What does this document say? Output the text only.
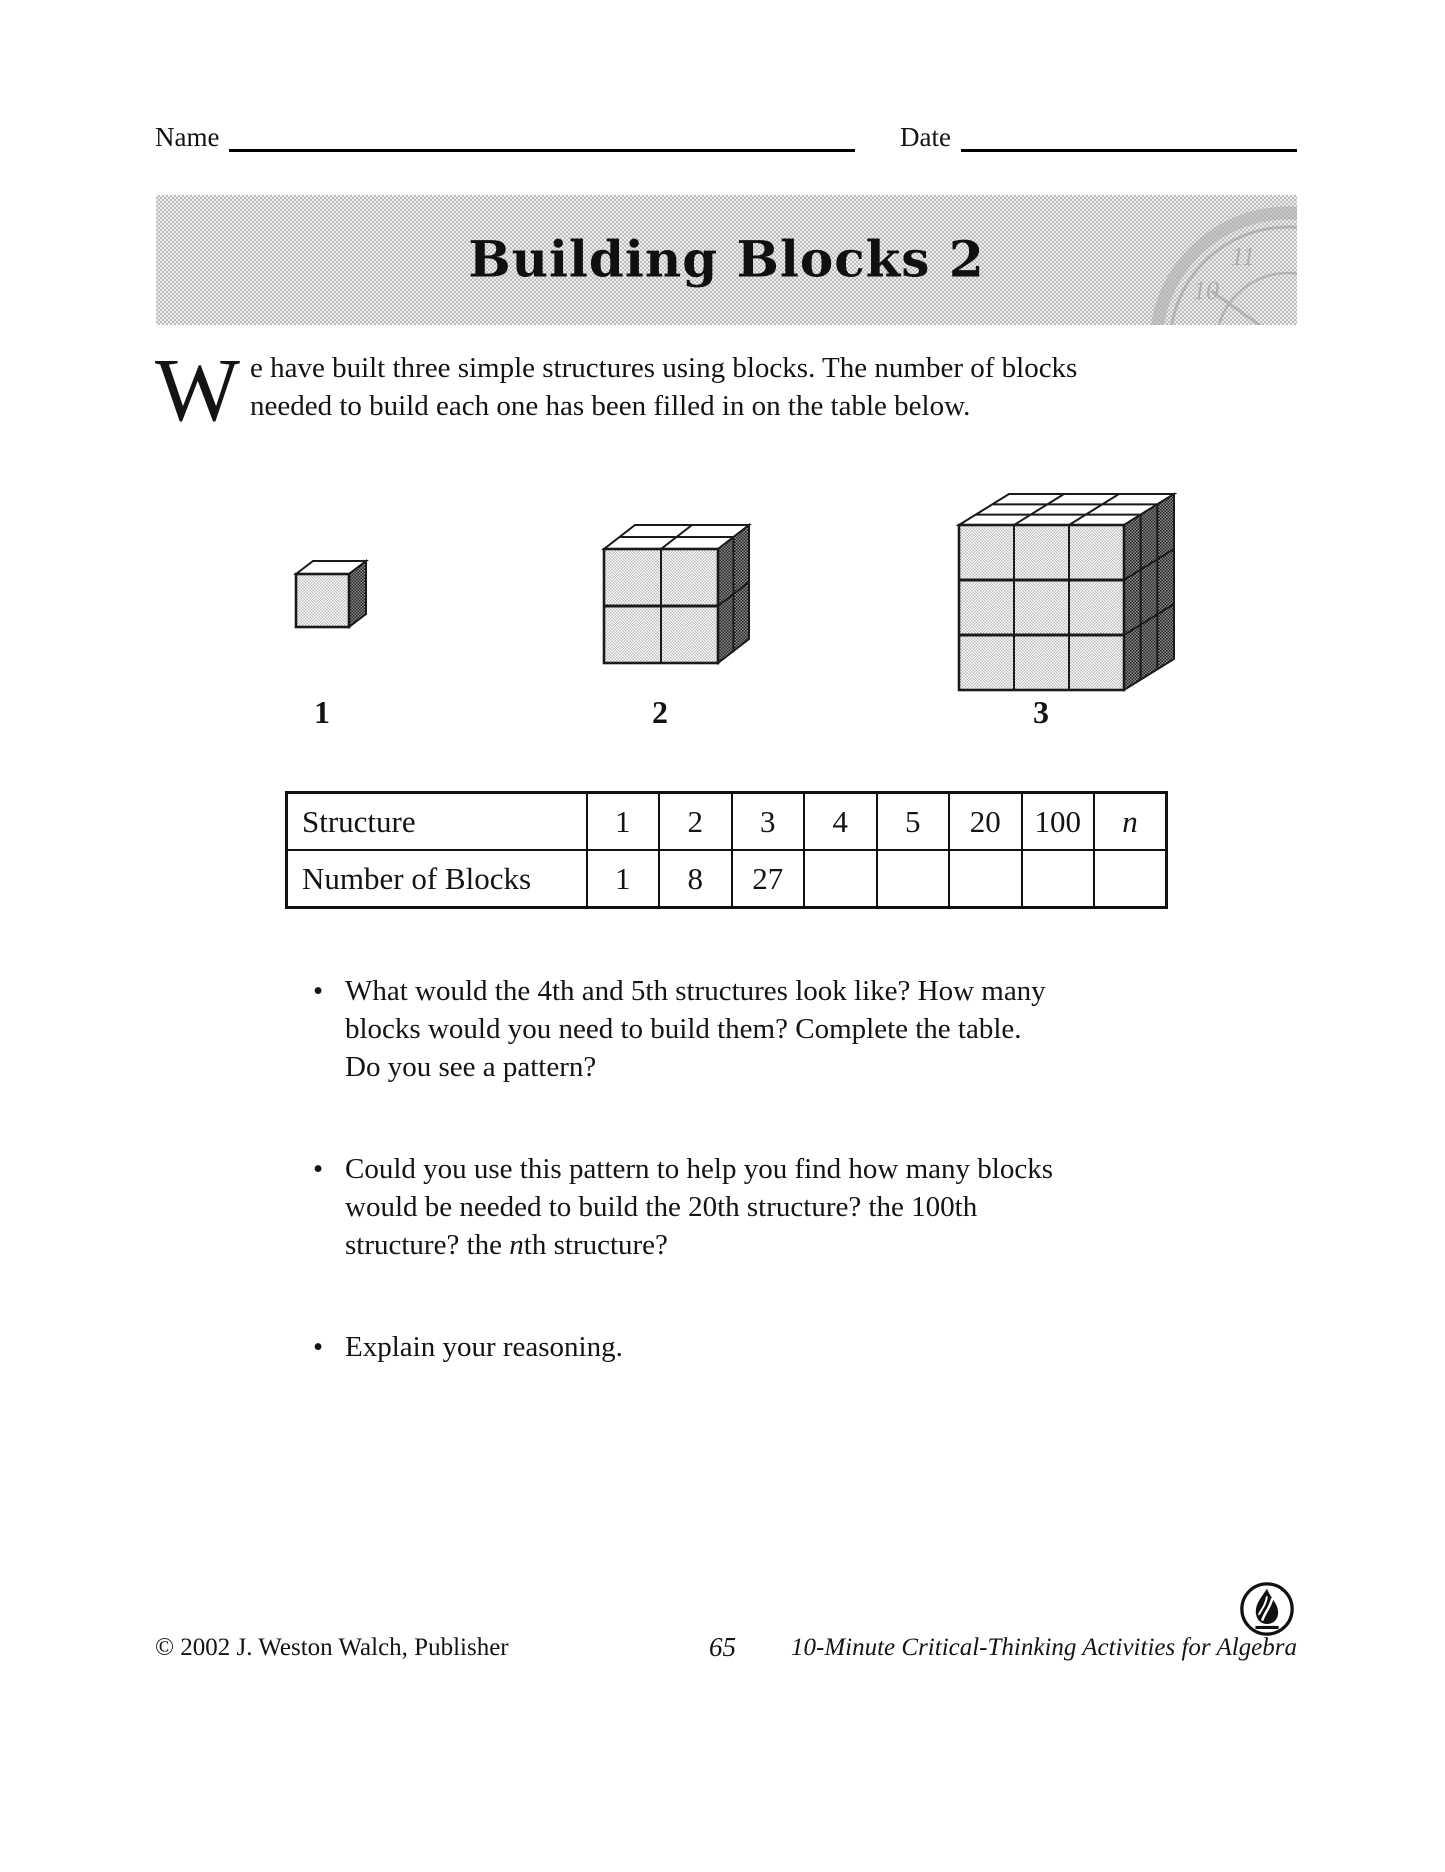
Name	Date
11
10
Building Blocks 2
W e have built three simple structures using blocks. The number of blocks
needed to build each one has been filled in on the table below.
1	2	3
Structure	1	2	3	4	5	20	100	n
Number of Blocks	1	8	27					
• What would the 4th and 5th structures look like? How many
blocks would you need to build them? Complete the table.
Do you see a pattern?
• Could you use this pattern to help you find how many blocks
would be needed to build the 20th structure? the 100th
structure? the nth structure?
• Explain your reasoning.
© 2002 J. Weston Walch, Publisher	65 10-Minute Critical-Thinking Activities for Algebra
